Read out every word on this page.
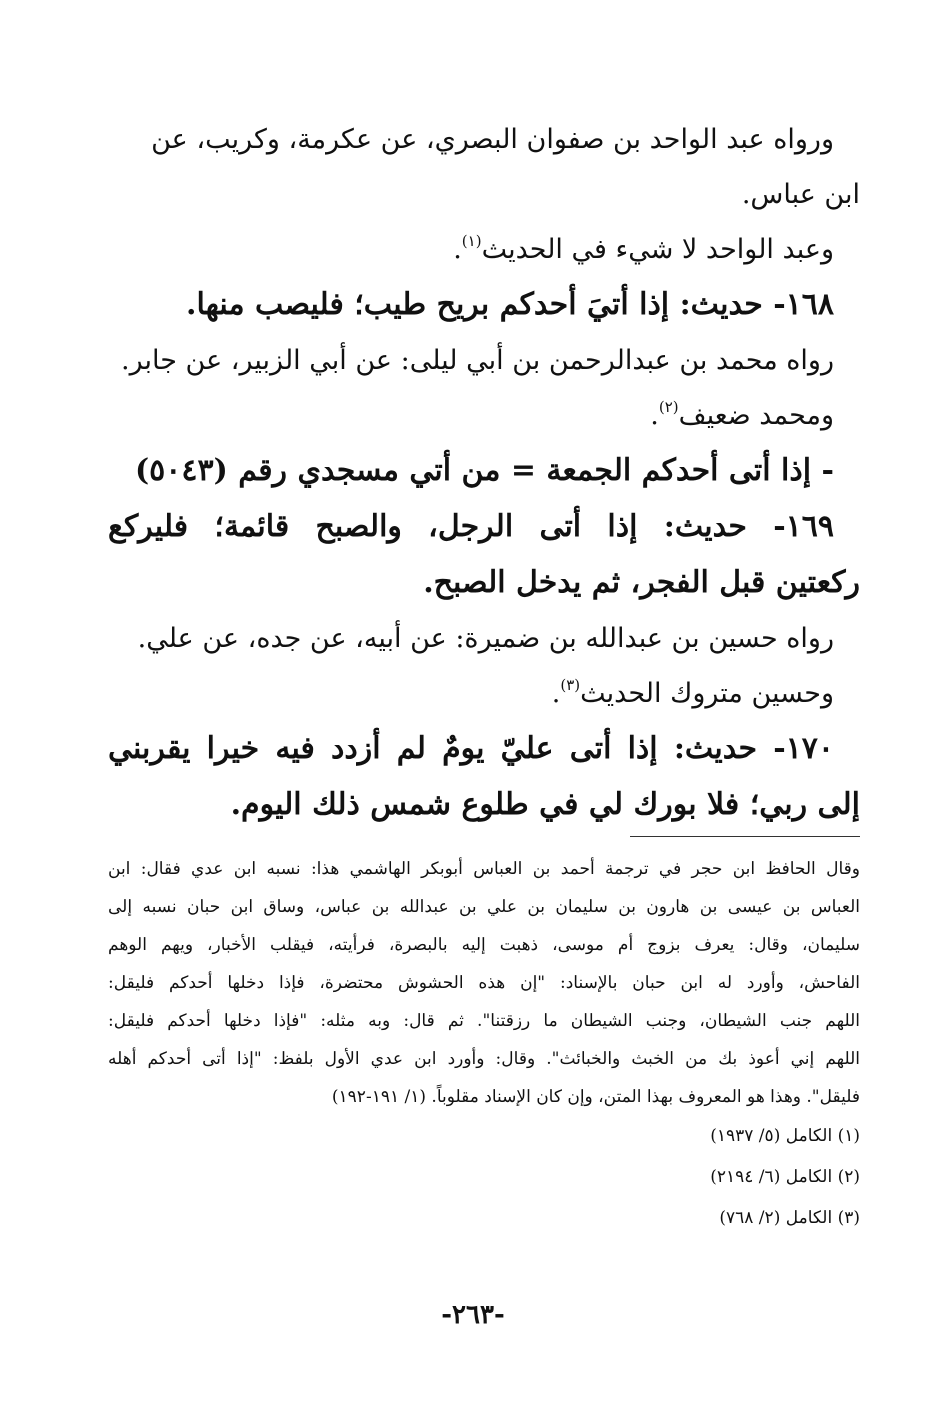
ورواه عبد الواحد بن صفوان البصري، عن عكرمة، وكريب، عن
ابن عباس.
وعبد الواحد لا شيء في الحديث$^{(١)}$.
١٦٨- حديث: إذا أتيَ أحدكم بريح طيب؛ فليصب منها.
رواه محمد بن عبدالرحمن بن أبي ليلى: عن أبي الزبير، عن جابر.
ومحمد ضعيف$^{(٢)}$.
- إذا أتى أحدكم الجمعة = من أتي مسجدي رقم (٥٠٤٣)
١٦٩- حديث: إذا أتى الرجل، والصبح قائمة؛ فليركع
ركعتين قبل الفجر، ثم يدخل الصبح.
رواه حسين بن عبدالله بن ضميرة: عن أبيه، عن جده، عن علي.
وحسين متروك الحديث$^{(٣)}$.
١٧٠- حديث: إذا أتى عليّ يومٌ لم أزدد فيه خيرا يقربني
إلى ربي؛ فلا بورك لي في طلوع شمس ذلك اليوم.
وقال الحافظ ابن حجر في ترجمة أحمد بن العباس أبوبكر الهاشمي هذا: نسبه ابن عدي فقال: ابن
العباس بن عيسى بن هارون بن سليمان بن علي بن عبدالله بن عباس، وساق ابن حبان نسبه إلى
سليمان، وقال: يعرف بزوج أم موسى، ذهبت إليه بالبصرة، فرأيته، فيقلب الأخبار، ويهم الوهم
الفاحش، وأورد له ابن حبان بالإسناد: "إن هذه الحشوش محتضرة، فإذا دخلها أحدكم فليقل:
اللهم جنب الشيطان، وجنب الشيطان ما رزقتنا". ثم قال: وبه مثله: "فإذا دخلها أحدكم فليقل:
اللهم إني أعوذ بك من الخبث والخبائث". وقال: وأورد ابن عدي الأول بلفظ: "إذا أتى أحدكم أهله
فليقل". وهذا هو المعروف بهذا المتن، وإن كان الإسناد مقلوباً. (١/ ١٩١-١٩٢)
(١) الكامل (٥/ ١٩٣٧)
(٢) الكامل (٦/ ٢١٩٤)
(٣) الكامل (٢/ ٧٦٨)
-٢٦٣-
